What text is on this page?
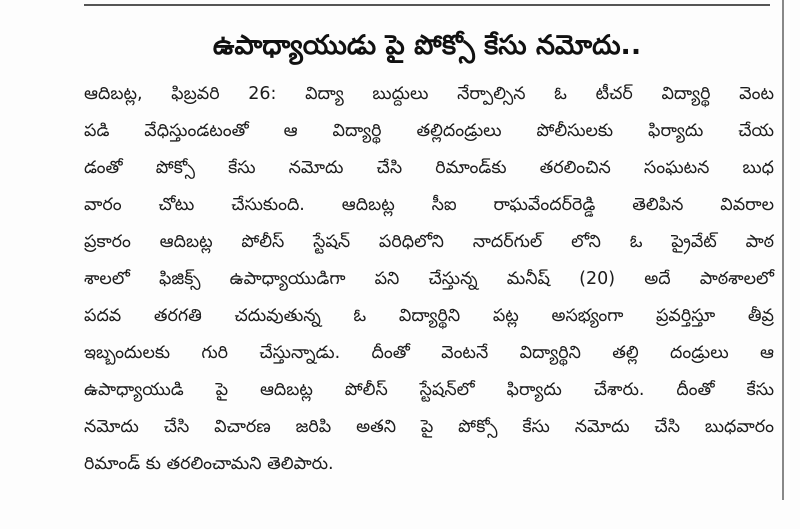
ఉపాధ్యాయుడు పై పోక్సో కేసు నమోదు..
ఆదిబట్ల, ఫిబ్రవరి 26: విద్యా బుద్దులు నేర్పాల్సిన ఓ టీచర్ విద్యార్థి వెంట
పడి వేధిస్తుండటంతో ఆ విద్యార్థి తల్లిదండ్రులు పోలీసులకు ఫిర్యాదు చేయ
డంతో పోక్సో కేసు నమోదు చేసి రిమాండ్‌కు తరలించిన సంఘటన బుధ
వారం చోటు చేసుకుంది. ఆదిబట్ల సీఐ రాఘవేందర్‌రెడ్డి తెలిపిన వివరాల
ప్రకారం ఆదిబట్ల పోలీస్ స్టేషన్ పరిధిలోని నాదర్‌గుల్ లోని ఓ ప్రైవేట్ పాఠ
శాలలో ఫిజిక్స్ ఉపాధ్యాయుడిగా పని చేస్తున్న మనీష్ (20) అదే పాఠశాలలో
పదవ తరగతి చదువుతున్న ఓ విద్యార్థిని పట్ల అసభ్యంగా ప్రవర్తిస్తూ తీవ్ర
ఇబ్బందులకు గురి చేస్తున్నాడు. దీంతో వెంటనే విద్యార్థిని తల్లి దండ్రులు ఆ
ఉపాధ్యాయుడి పై ఆదిబట్ల పోలీస్ స్టేషన్‌లో ఫిర్యాదు చేశారు. దీంతో కేసు
నమోదు చేసి విచారణ జరిపి అతని పై పోక్సో కేసు నమోదు చేసి బుధవారం
రిమాండ్ కు తరలించామని తెలిపారు.
